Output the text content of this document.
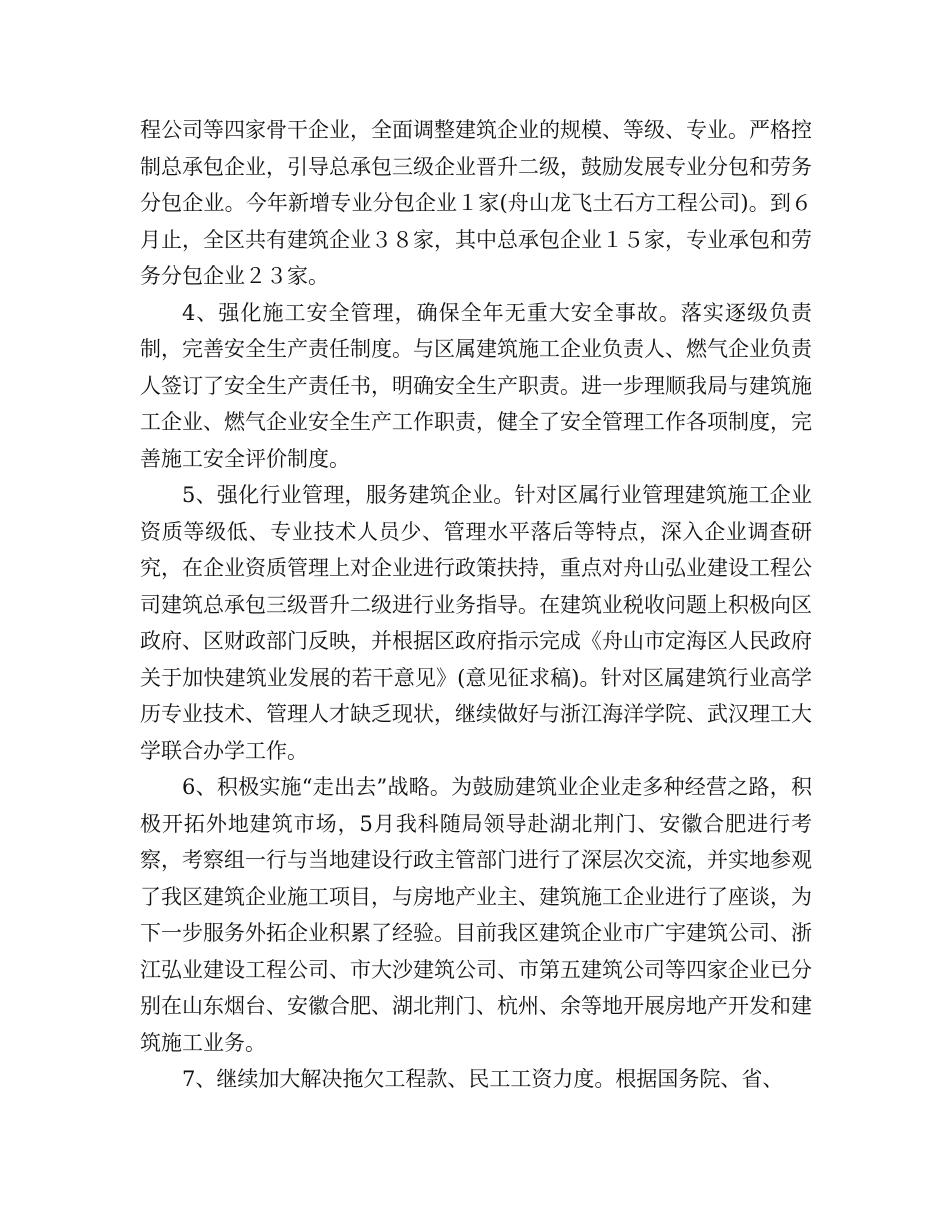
程公司等四家骨干企业，全面调整建筑企业的规模、等级、专业。严格控制总承包企业，引导总承包三级企业晋升二级，鼓励发展专业分包和劳务分包企业。今年新增专业分包企业１家(舟山龙飞土石方工程公司)。到６月止，全区共有建筑企业３８家，其中总承包企业１５家，专业承包和劳务分包企业２３家。

4、强化施工安全管理，确保全年无重大安全事故。落实逐级负责制，完善安全生产责任制度。与区属建筑施工企业负责人、燃气企业负责人签订了安全生产责任书，明确安全生产职责。进一步理顺我局与建筑施工企业、燃气企业安全生产工作职责，健全了安全管理工作各项制度，完善施工安全评价制度。

5、强化行业管理，服务建筑企业。针对区属行业管理建筑施工企业资质等级低、专业技术人员少、管理水平落后等特点，深入企业调查研究，在企业资质管理上对企业进行政策扶持，重点对舟山弘业建设工程公司建筑总承包三级晋升二级进行业务指导。在建筑业税收问题上积极向区政府、区财政部门反映，并根据区政府指示完成《舟山市定海区人民政府关于加快建筑业发展的若干意见》(意见征求稿)。针对区属建筑行业高学历专业技术、管理人才缺乏现状，继续做好与浙江海洋学院、武汉理工大学联合办学工作。

6、积极实施“走出去”战略。为鼓励建筑业企业走多种经营之路，积极开拓外地建筑市场，5月我科随局领导赴湖北荆门、安徽合肥进行考察，考察组一行与当地建设行政主管部门进行了深层次交流，并实地参观了我区建筑企业施工项目，与房地产业主、建筑施工企业进行了座谈，为下一步服务外拓企业积累了经验。目前我区建筑企业市广宇建筑公司、浙江弘业建设工程公司、市大沙建筑公司、市第五建筑公司等四家企业已分别在山东烟台、安徽合肥、湖北荆门、杭州、余等地开展房地产开发和建筑施工业务。

7、继续加大解决拖欠工程款、民工工资力度。根据国务院、省、
